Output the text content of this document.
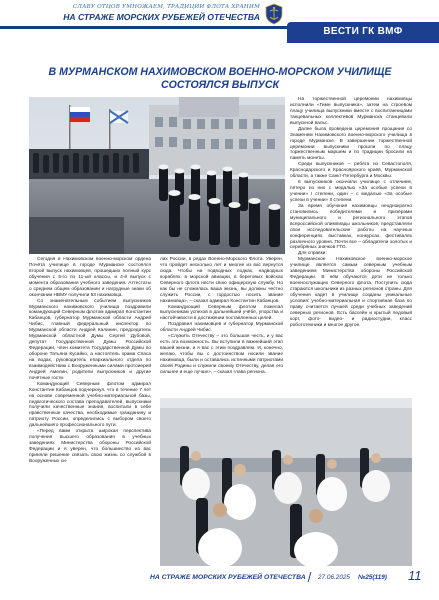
СЛАВУ ОТЦОВ УМНОЖАЕМ, ТРАДИЦИИ ФЛОТА ХРАНИМ
НА СТРАЖЕ МОРСКИХ РУБЕЖЕЙ ОТЕЧЕСТВА
ВЕСТИ ГК ВМФ
В МУРМАНСКОМ НАХИМОВСКОМ ВОЕННО-МОРСКОМ УЧИЛИЩЕ СОСТОЯЛСЯ ВЫПУСК

Сегодня в Нахимовском военно-морском ордена Почёта училище в городе Мурманске состоялся второй выпуск нахимовцев, прошедших полный курс обучения с 5-го по 11-ый классы, и 4-й выпуск с момента образования учебного заведения. Аттестаты о среднем общем образовании и нагрудные знаки об окончании НВМУ получили 53 нахимовца.

Со знаменательным событием выпускников Мурманского нахимовского училища поздравили командующий Северным флотом адмирал Константин Кабанцов, губернатор Мурманской области Андрей Чибис, главный федеральный инспектор по Мурманской области Андрей Калинин, председатель Мурманской областной Думы Сергей Дубовой, депутат Государственной Думы Российской Федерации, член комитета Государственной Думы по обороне Татьяна Кусайко, а настоятель храма Спаса на водах, руководитель епархиального отдела по взаимодействию с Вооруженными силами протоиерей Андрей Амелин, родители выпускников и другие почётные гости.

Командующий Северным флотом адмирал Константин Кабанцов подчеркнул, что в течение 7 лет на основе современной учебно-материальной базы, педагогического состава преподавателей, выпускники получили качественные знания, воспитали в себе нравственные качества, необходимые гражданину и патриоту России, определились с выбором своего дальнейшего профессионального пути.

«Перед вами открыта широкая перспектива получения высшего образования в учебных заведениях Министерства обороны Российской Федерации и я уверен, что большинство из вас приняли решение связать свою жизнь со службой в Вооруженных си-

лах России, в рядах Военно-Морского Флота. Уверен, что пройдет несколько лет и многие из вас вернутся сюда. Чтобы на подводных лодках, надводных кораблях, в морской авиации, в береговых войсках Северного флота нести свою офицерскую службу. Но как бы не сложилась ваша жизнь, вы должны честно служить России, с гордостью носить звание нахимовца», – сказал адмирал Константин Кабанцов.

Командующий Северным флотом пожелал выпускникам успехов в дальнейшей учёбе, упорства и настойчивости в достижении поставленных целей.

Поздравил нахимовцев и губернатор Мурманской области Андрей Чибис.

«Служить Отечеству – это большая честь, и у вас есть эта возможность. Вы вступили в важнейший этап вашей жизни, и я вас с этим поздравляю. И, конечно, желаю, чтобы вы с достоинством носили звание нахимовца, были и оставались истинными патриотами своей Родины и служили своему Отечеству, делая его сильнее и еще лучше», – сказал глава региона.

На торжественной церемонии нахимовцы исполнили «Гимн выпускника», затем на строевом плацу училища выпускники вместе с воспитанницами танцевальных коллективов Мурманска станцевали выпускной вальс.

Далее была проведена церемония прощания со Знаменем Нахимовского военно-морского училища в городе Мурманске. В завершении торжественной церемонии выпускники прошли по плацу торжественным маршем и по традиции бросили на память монеты.

Среди выпускников – ребята из Севастополя, Краснодарского и Красноярского краёв, Мурманской области, а также Санкт-Петербурга и Москвы.

6 выпускников окончили училище с отличием, пятеро из них с медалью «За особые успехи в учении» I степени, один – с медалью «За особые успехи в учении» II степени.

За время обучения нахимовцы неоднократно становились победителями и призёрами муниципального и регионального этапов всероссийской олимпиады школьников, представляли свои исследовательские работы на научных конференциях, выставках, конкурсах, фестивалях различного уровня. Почти все – обладатели золотых и серебряных значков ГТО.

Для справки:

Мурманское Нахимовское военно-морское училище является самым северным учебным заведением Министерства обороны Российской Федерации. В нём обучаются дети не только военнослужащих Северного флота. Поступить сюда стараются школьники из разных регионов страны. Для обучения кадет в училище созданы уникальные условия: учебно-материальная и спортивная база по праву считается лучшей среди учебных заведений северных регионов. Есть бассейн и крытый ледовый корт, фото- видео- и радиостудии, класс робототехники и многое другое.

НА СТРАЖЕ МОРСКИХ РУБЕЖЕЙ ОТЕЧЕСТВА 27.06.2025 №25(119) 11
